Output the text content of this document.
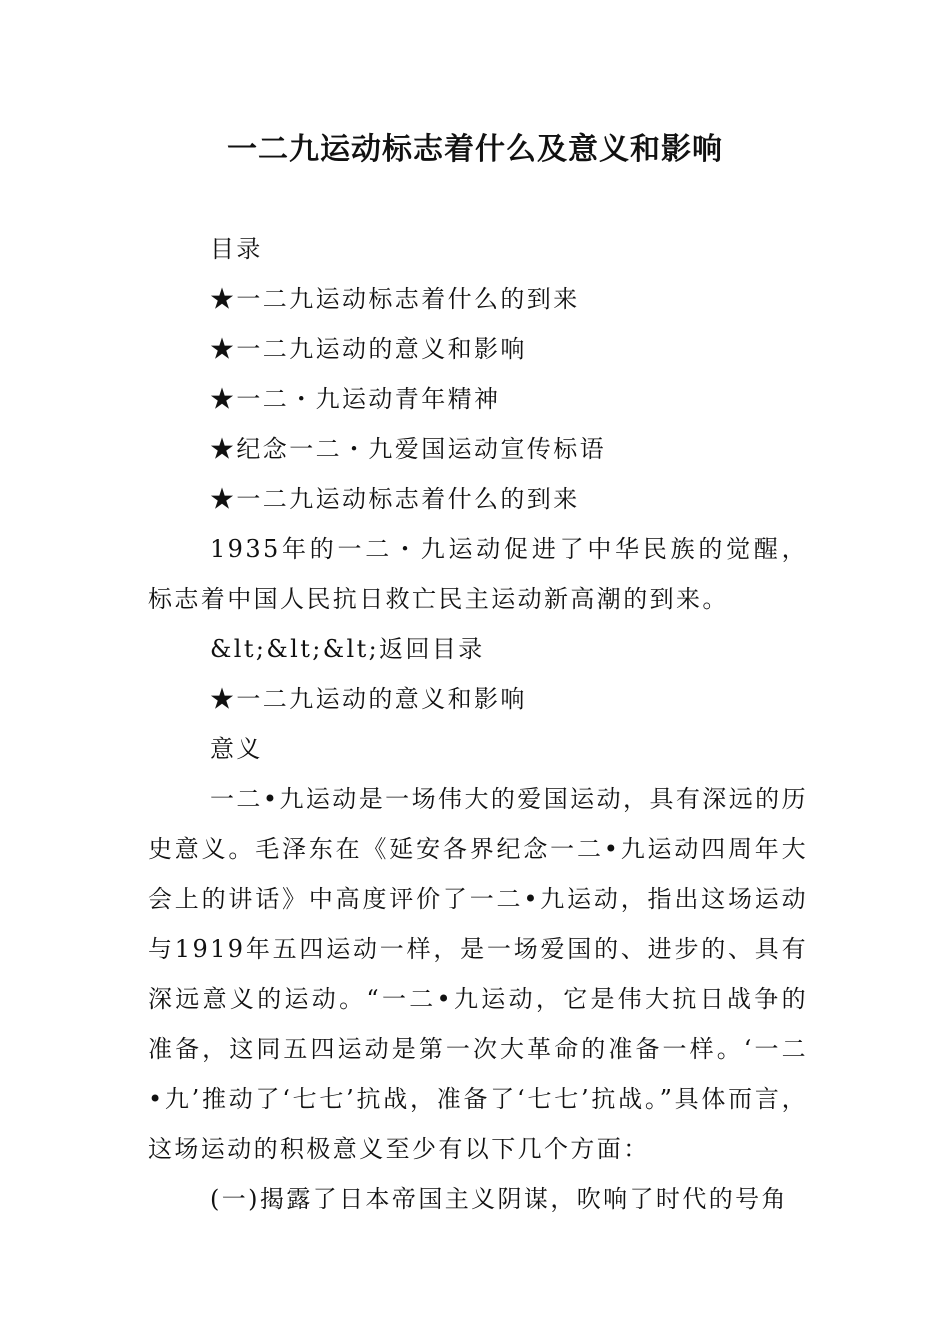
一二九运动标志着什么及意义和影响
目录
★一二九运动标志着什么的到来
★一二九运动的意义和影响
★一二・九运动青年精神
★纪念一二・九爱国运动宣传标语
★一二九运动标志着什么的到来

1935年的一二・九运动促进了中华民族的觉醒，标志着中国人民抗日救亡民主运动新高潮的到来。

&lt;&lt;&lt;返回目录
★一二九运动的意义和影响
意义

一二•九运动是一场伟大的爱国运动，具有深远的历史意义。毛泽东在《延安各界纪念一二•九运动四周年大会上的讲话》中高度评价了一二•九运动，指出这场运动与1919年五四运动一样，是一场爱国的、进步的、具有深远意义的运动。“一二•九运动，它是伟大抗日战争的准备，这同五四运动是第一次大革命的准备一样。‘一二•九’推动了‘七七’抗战，准备了‘七七’抗战。”具体而言，这场运动的积极意义至少有以下几个方面：

(一)揭露了日本帝国主义阴谋，吹响了时代的号角
